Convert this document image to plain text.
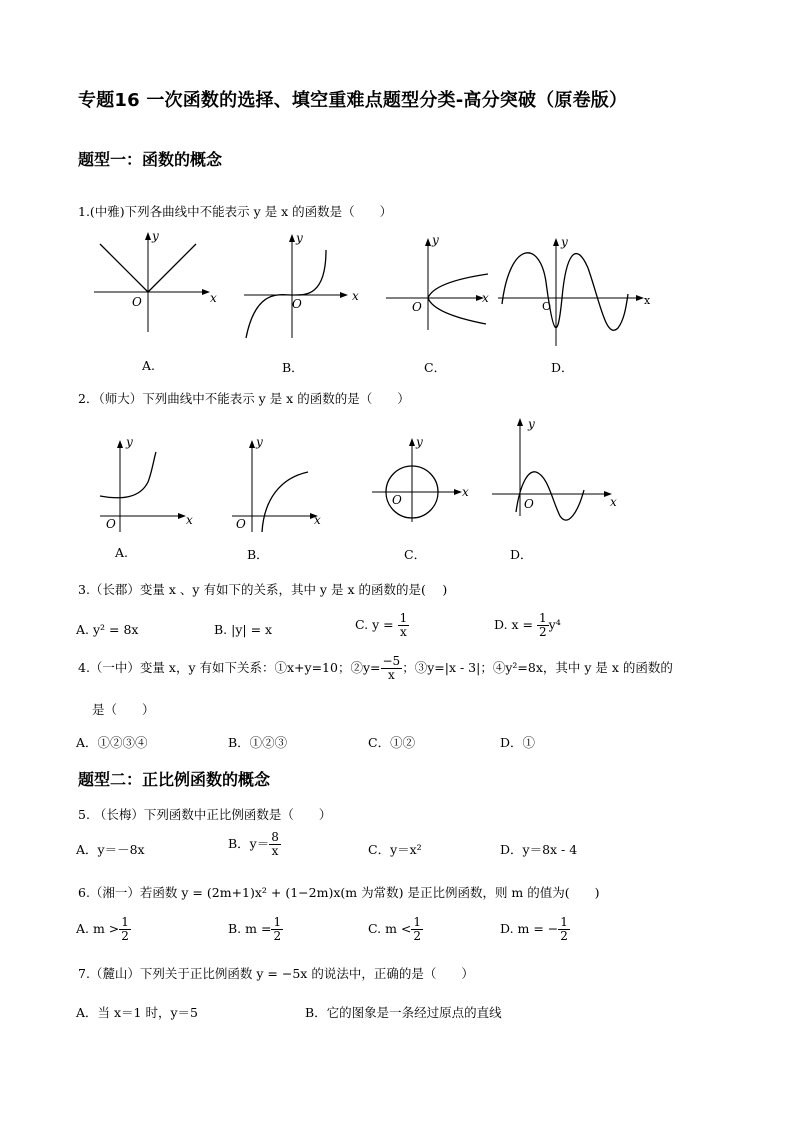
专题16 一次函数的选择、填空重难点题型分类-高分突破（原卷版）
题型一：函数的概念
1.(中雅)下列各曲线中不能表示 y 是 x 的函数是（　　）
x
y
O	x
y
O	x
y
O	x
y
O
A.	B．	C．	D．
2．（师大）下列曲线中不能表示 y 是 x 的函数的是（　　）
x
y
O	x
y
O
x
y
O	x
y
O
A.	B．	C．	D．
3.（长郡）变量 x 、y 有如下的关系，其中 y 是 x 的函数的是(　 )
A. y² = 8x	B. |y| = x	C. $y = \frac{1}{x}$	D. $x = \frac{1}{2} y^4$
4.（一中）变量 x，y 有如下关系：①x+y=10；②y= $\frac{-5}{x}$ ；③y=|x - 3|；④y²=8x，其中 y 是 x 的函数的
是（　　）
A．①②③④	B．①②③	C．①②	D．①
题型二：正比例函数的概念
5. （长梅）下列函数中正比例函数是（　　）
A．y＝－8x	B．$y= \frac{8}{x}$	C．y＝x²	D．y＝8x - 4
6.（湘一）若函数 y = (2m+1)x² + (1−2m)x(m 为常数) 是正比例函数，则 m 的值为(　　)
A. $m > \frac{1}{2}$	B. $m = \frac{1}{2}$	C. $m < \frac{1}{2}$	D. m = − $\frac{1}{2}$
7.（麓山）下列关于正比例函数 y = −5x 的说法中，正确的是（　　）
A．当 x＝1 时，y＝5	B．它的图象是一条经过原点的直线
